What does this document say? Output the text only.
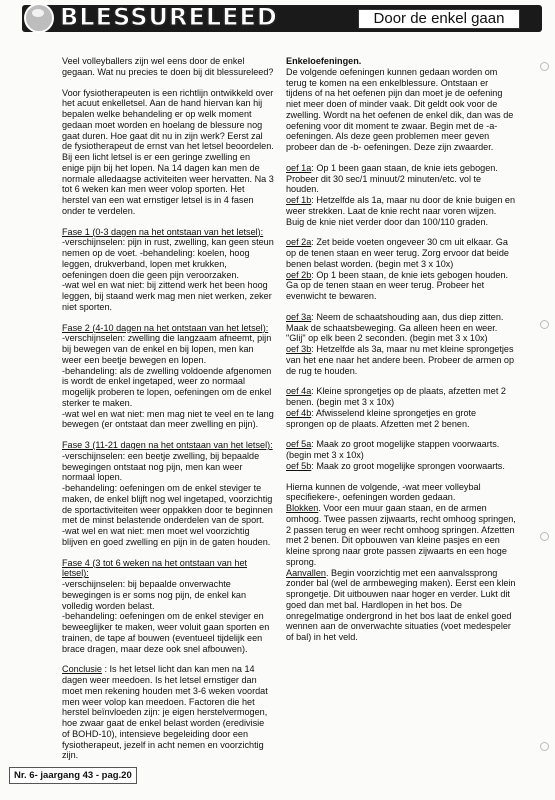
BLESSURELEED	Door de enkel gaan

Veel volleyballers zijn wel eens door de enkel gegaan. Wat nu precies te doen bij dit blessureleed?

Voor fysiotherapeuten is een richtlijn ontwikkeld over het acuut enkelletsel. Aan de hand hiervan kan hij bepalen welke behandeling er op welk moment gedaan moet worden en hoelang de blessure nog gaat duren. Hoe gaat dit nu in zijn werk? Eerst zal de fysiotherapeut de ernst van het letsel beoordelen. Bij een licht letsel is er een geringe zwelling en enige pijn bij het lopen. Na 14 dagen kan men de normale alledaagse activiteiten weer hervatten. Na 3 tot 6 weken kan men weer volop sporten. Het herstel van een wat ernstiger letsel is in 4 fasen onder te verdelen.

Fase 1 (0-3 dagen na het ontstaan van het letsel):
-verschijnselen: pijn in rust, zwelling, kan geen steun nemen op de voet. -behandeling: koelen, hoog leggen, drukverband, lopen met krukken, oefeningen doen die geen pijn veroorzaken.
-wat wel en wat niet: bij zittend werk het been hoog leggen, bij staand werk mag men niet werken, zeker niet sporten.
Fase 2 (4-10 dagen na het ontstaan van het letsel):
-verschijnselen: zwelling die langzaam afneemt, pijn bij bewegen van de enkel en bij lopen, men kan weer een beetje bewegen en lopen.
-behandeling: als de zwelling voldoende afgenomen is wordt de enkel ingetaped, weer zo normaal mogelijk proberen te lopen, oefeningen om de enkel sterker te maken.
-wat wel en wat niet: men mag niet te veel en te lang bewegen (er ontstaat dan meer zwelling en pijn).
Fase 3 (11-21 dagen na het ontstaan van het letsel):
-verschijnselen: een beetje zwelling, bij bepaalde bewegingen ontstaat nog pijn, men kan weer normaal lopen.
-behandeling: oefeningen om de enkel steviger te maken, de enkel blijft nog wel ingetaped, voorzichtig de sportactiviteiten weer oppakken door te beginnen met de minst belastende onderdelen van de sport.
-wat wel en wat niet: men moet wel voorzichtig blijven en goed zwelling en pijn in de gaten houden.
Fase 4 (3 tot 6 weken na het ontstaan van het letsel):
-verschijnselen: bij bepaalde onverwachte bewegingen is er soms nog pijn, de enkel kan volledig worden belast.
-behandeling: oefeningen om de enkel steviger en beweeglijker te maken, weer voluit gaan sporten en trainen, de tape af bouwen (eventueel tijdelijk een brace dragen, maar deze ook snel afbouwen).

Conclusie : Is het letsel licht dan kan men na 14 dagen weer meedoen. Is het letsel ernstiger dan moet men rekening houden met 3-6 weken voordat men weer volop kan meedoen. Factoren die het herstel beïnvloeden zijn: je eigen herstelvermogen, hoe zwaar gaat de enkel belast worden (eredivisie of BOHD-10), intensieve begeleiding door een fysiotherapeut, jezelf in acht nemen en voorzichtig zijn.

Enkeloefeningen.

De volgende oefeningen kunnen gedaan worden om terug te komen na een enkelblessure. Ontstaan er tijdens of na het oefenen pijn dan moet je de oefening niet meer doen of minder vaak. Dit geldt ook voor de zwelling. Wordt na het oefenen de enkel dik, dan was de oefening voor dit moment te zwaar. Begin met de -a- oefeningen. Als deze geen problemen meer geven probeer dan de -b- oefeningen. Deze zijn zwaarder.

oef 1a: Op 1 been gaan staan, de knie iets gebogen. Probeer dit 30 sec/1 minuut/2 minuten/etc. vol te houden.
oef 1b: Hetzelfde als 1a, maar nu door de knie buigen en weer strekken. Laat de knie recht naar voren wijzen. Buig de knie niet verder door dan 100/110 graden.

oef 2a: Zet beide voeten ongeveer 30 cm uit elkaar. Ga op de tenen staan en weer terug. Zorg ervoor dat beide benen belast worden. (begin met 3 x 10x)
oef 2b: Op 1 been staan, de knie iets gebogen houden. Ga op de tenen staan en weer terug. Probeer het evenwicht te bewaren.

oef 3a: Neem de schaatshouding aan, dus diep zitten. Maak de schaatsbeweging. Ga alleen heen en weer. "Glij" op elk been 2 seconden. (begin met 3 x 10x)
oef 3b: Hetzelfde als 3a, maar nu met kleine sprongetjes van het ene naar het andere been. Probeer de armen op de rug te houden.

oef 4a: Kleine sprongetjes op de plaats, afzetten met 2 benen. (begin met 3 x 10x)
oef 4b: Afwisselend kleine sprongetjes en grote sprongen op de plaats. Afzetten met 2 benen.

oef 5a: Maak zo groot mogelijke stappen voorwaarts. (begin met 3 x 10x)
oef 5b: Maak zo groot mogelijke sprongen voorwaarts.

Hierna kunnen de volgende, -wat meer volleybal specifiekere-, oefeningen worden gedaan.
Blokken. Voor een muur gaan staan, en de armen omhoog. Twee passen zijwaarts, recht omhoog springen, 2 passen terug en weer recht omhoog springen. Afzetten met 2 benen. Dit opbouwen van kleine pasjes en een kleine sprong naar grote passen zijwaarts en een hoge sprong.
Aanvallen. Begin voorzichtig met een aanvalssprong zonder bal (wel de armbeweging maken). Eerst een klein sprongetje. Dit uitbouwen naar hoger en verder. Lukt dit goed dan met bal. Hardlopen in het bos. De onregelmatige ondergrond in het bos laat de enkel goed wennen aan de onverwachte situaties (voet medespeler of bal) in het veld.

Nr. 6- jaargang 43 - pag.20
